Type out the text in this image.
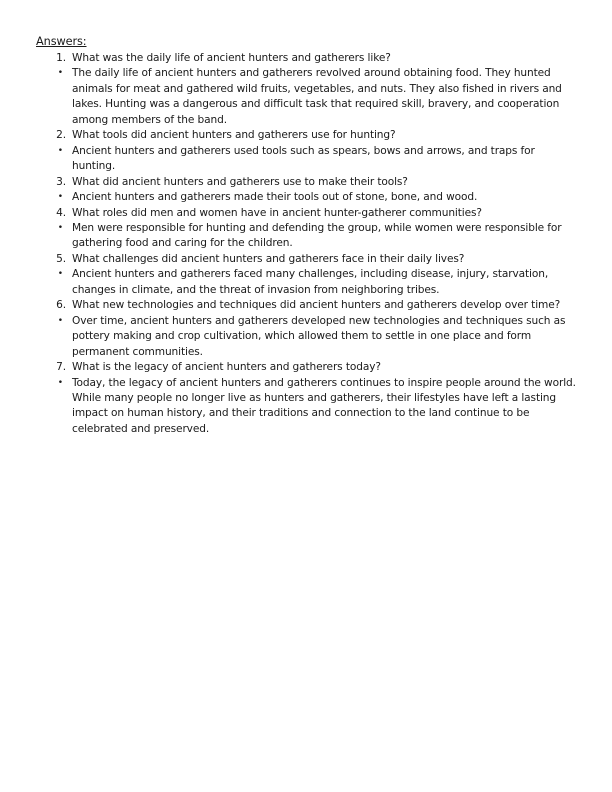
Answers:
1. What was the daily life of ancient hunters and gatherers like?
• The daily life of ancient hunters and gatherers revolved around obtaining food. They hunted animals for meat and gathered wild fruits, vegetables, and nuts. They also fished in rivers and lakes. Hunting was a dangerous and difficult task that required skill, bravery, and cooperation among members of the band.
2. What tools did ancient hunters and gatherers use for hunting?
• Ancient hunters and gatherers used tools such as spears, bows and arrows, and traps for hunting.
3. What did ancient hunters and gatherers use to make their tools?
• Ancient hunters and gatherers made their tools out of stone, bone, and wood.
4. What roles did men and women have in ancient hunter-gatherer communities?
• Men were responsible for hunting and defending the group, while women were responsible for gathering food and caring for the children.
5. What challenges did ancient hunters and gatherers face in their daily lives?
• Ancient hunters and gatherers faced many challenges, including disease, injury, starvation, changes in climate, and the threat of invasion from neighboring tribes.
6. What new technologies and techniques did ancient hunters and gatherers develop over time?
• Over time, ancient hunters and gatherers developed new technologies and techniques such as pottery making and crop cultivation, which allowed them to settle in one place and form permanent communities.
7. What is the legacy of ancient hunters and gatherers today?
• Today, the legacy of ancient hunters and gatherers continues to inspire people around the world. While many people no longer live as hunters and gatherers, their lifestyles have left a lasting impact on human history, and their traditions and connection to the land continue to be celebrated and preserved.
